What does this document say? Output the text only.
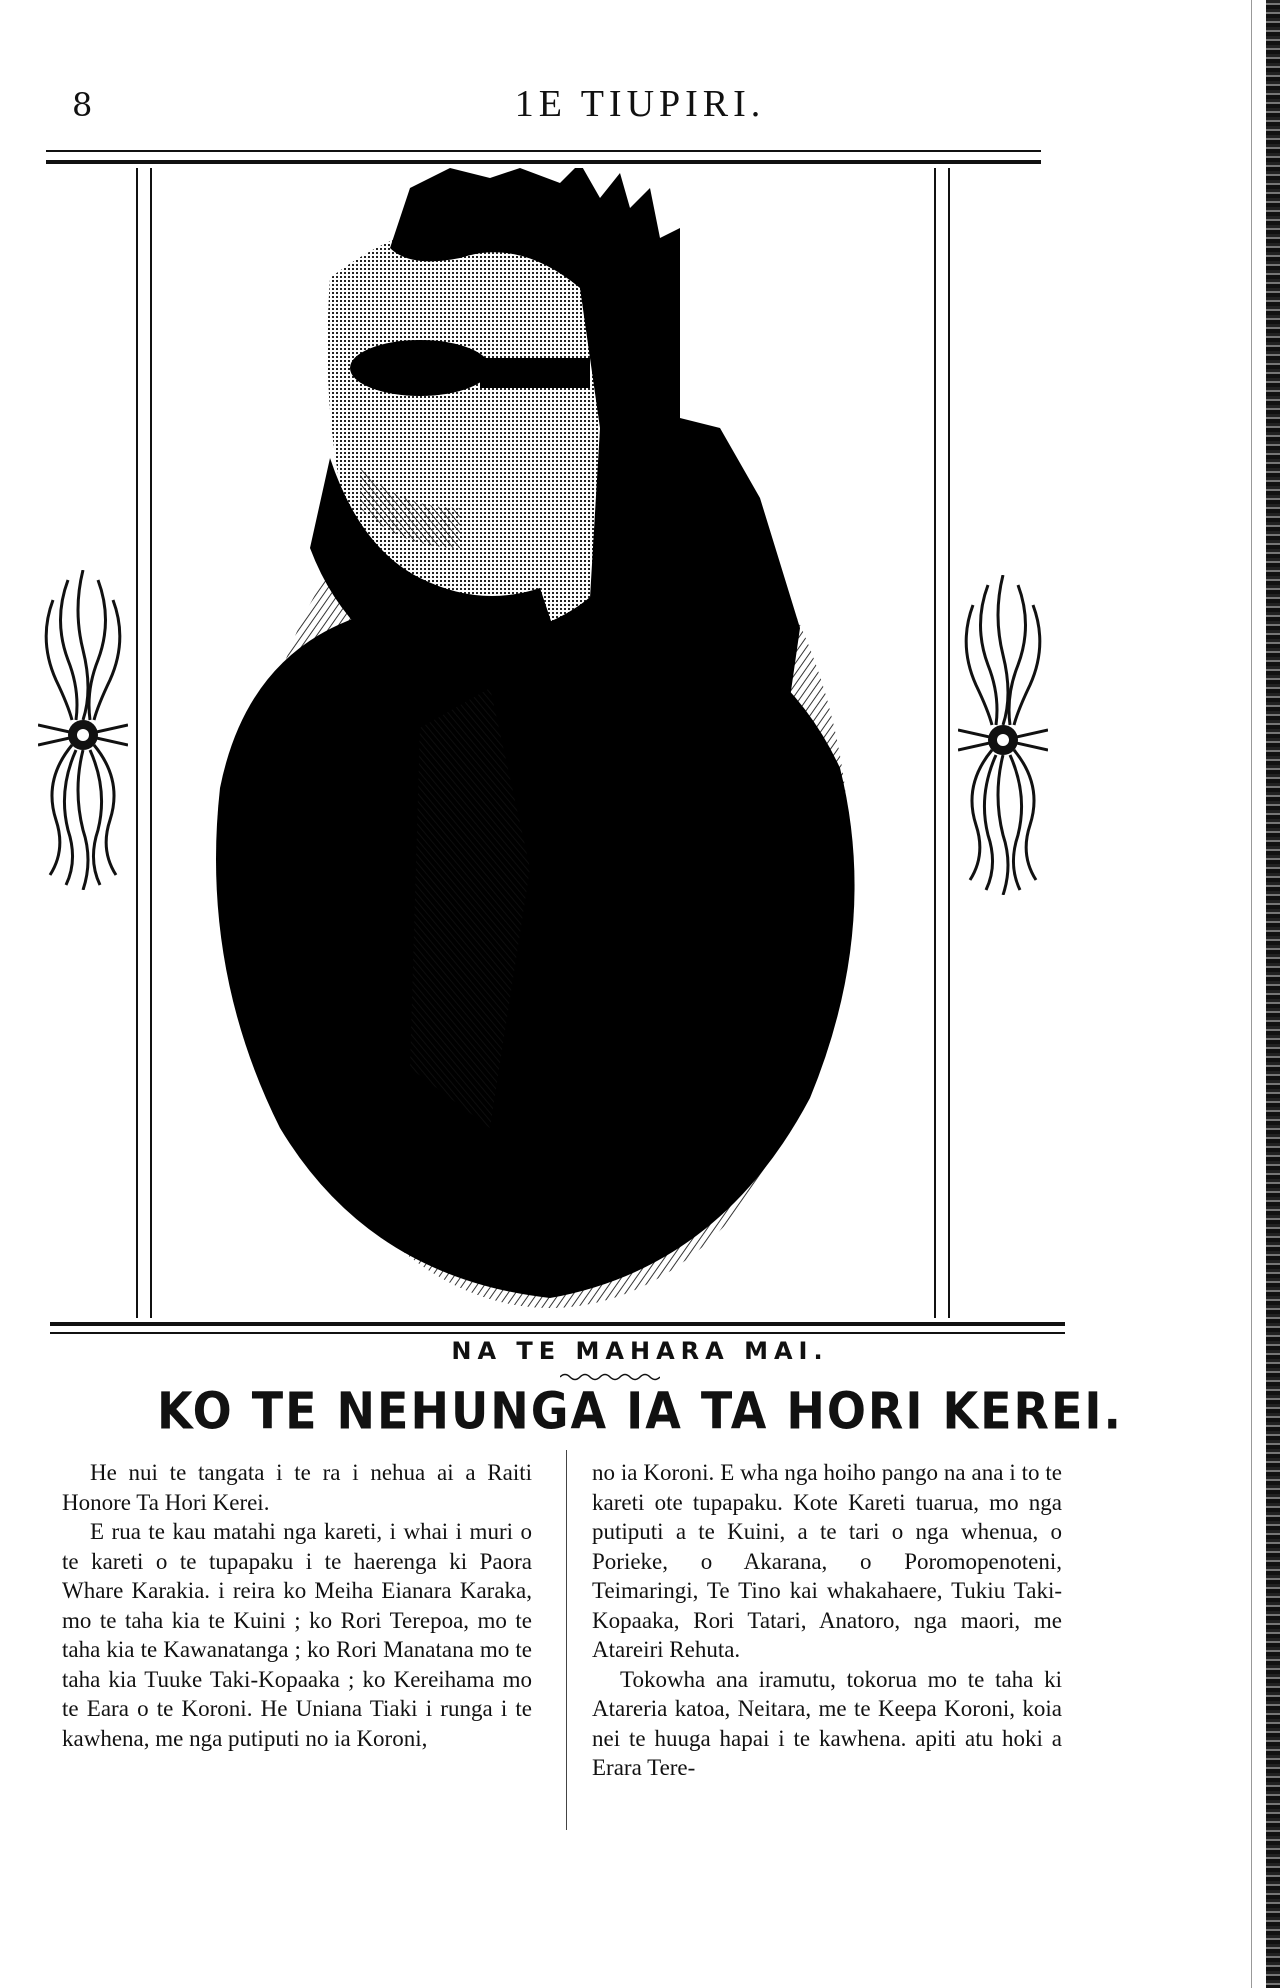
8	1E TIUPIRI.
NA TE MAHARA MAI.
KO TE NEHUNGA IA TA HORI KEREI.

He nui te tangata i te ra i nehua ai a Raiti Honore Ta Hori Kerei.

E rua te kau matahi nga kareti, i whai i muri o te kareti o te tupapaku i te haerenga ki Paora Whare Karakia. i reira ko Meiha Eianara Karaka, mo te taha kia te Kuini ; ko Rori Terepoa, mo te taha kia te Kawanatanga ; ko Rori Manatana mo te taha kia Tuuke Taki-Kopaaka ; ko Kereihama mo te Eara o te Koroni. He Uniana Tiaki i runga i te kawhena, me nga putiputi no ia Koroni,

no ia Koroni. E wha nga hoiho pango na ana i to te kareti ote tupapaku. Kote Kareti tuarua, mo nga putiputi a te Kuini, a te tari o nga whenua, o Porieke, o Akarana, o Poromopenoteni, Teimaringi, Te Tino kai whakahaere, Tukiu Taki-Kopaaka, Rori Tatari, Anatoro, nga maori, me Atareiri Rehuta.

Tokowha ana iramutu, tokorua mo te taha ki Atareria katoa, Neitara, me te Keepa Koroni, koia nei te huuga hapai i te kawhena. apiti atu hoki a Erara Tere-
